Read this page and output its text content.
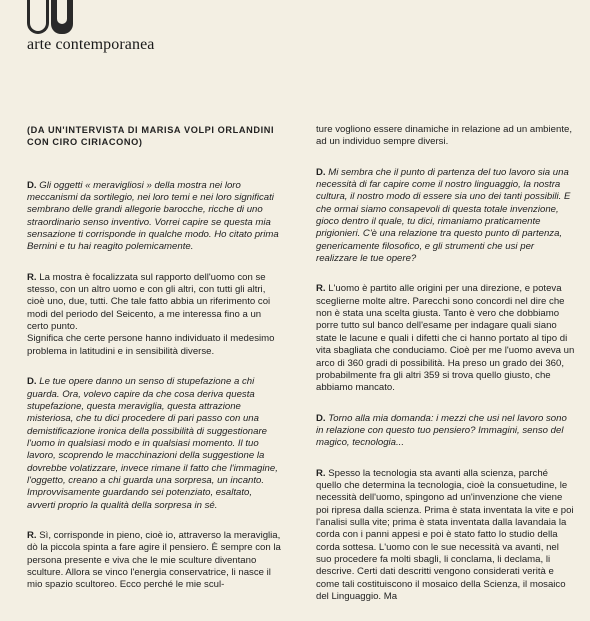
arte contemporanea

(DA UN'INTERVISTA DI MARISA VOLPI ORLANDINI CON CIRO CIRIACONO)

D. Gli oggetti « meravigliosi » della mostra nei loro meccanismi da sortilegio, nei loro temi e nei loro significati sembrano delle grandi allegorie barocche, ricche di uno straordinario senso inventivo. Vorrei capire se questa mia sensazione ti corrisponde in qualche modo. Ho citato prima Bernini e tu hai reagito polemicamente.

R. La mostra è focalizzata sul rapporto dell'uomo con se stesso, con un altro uomo e con gli altri, con tutti gli altri, cioè uno, due, tutti. Che tale fatto abbia un riferimento coi modi del periodo del Seicento, a me interessa fino a un certo punto.
Significa che certe persone hanno individuato il medesimo problema in latitudini e in sensibilità diverse.

D. Le tue opere danno un senso di stupefazione a chi guarda. Ora, volevo capire da che cosa deriva questa stupefazione, questa meraviglia, questa attrazione misteriosa, che tu dici procedere di pari passo con una demistificazione ironica della possibilità di suggestionare l'uomo in qualsiasi modo e in qualsiasi momento. Il tuo lavoro, scoprendo le macchinazioni della suggestione la dovrebbe volatizzare, invece rimane il fatto che l'immagine, l'oggetto, creano a chi guarda una sorpresa, un incanto. Improvvisamente guardando sei potenziato, esaltato, avverti proprio la qualità della sorpresa in sé.

R. Sì, corrisponde in pieno, cioè io, attraverso la meraviglia, dò la piccola spinta a fare agire il pensiero. È sempre con la persona presente e viva che le mie sculture diventano sculture. Allora se vinco l'energia conservatrice, li nasce il mio spazio scultoreo. Ecco perché le mie scul-

ture vogliono essere dinamiche in relazione ad un ambiente, ad un individuo sempre diversi.

D. Mi sembra che il punto di partenza del tuo lavoro sia una necessità di far capire come il nostro linguaggio, la nostra cultura, il nostro modo di essere sia uno dei tanti possibili. E che ormai siamo consapevoli di questa totale invenzione, gioco dentro il quale, tu dici, rimaniamo praticamente prigionieri. C'è una relazione tra questo punto di partenza, genericamente filosofico, e gli strumenti che usi per realizzare le tue opere?

R. L'uomo è partito alle origini per una direzione, e poteva sceglierne molte altre. Parecchi sono concordi nel dire che non è stata una scelta giusta. Tanto è vero che dobbiamo porre tutto sul banco dell'esame per indagare quali siano state le lacune e quali i difetti che ci hanno portato al tipo di vita sbagliata che conduciamo. Cioè per me l'uomo aveva un arco di 360 gradi di possibilità. Ha preso un grado dei 360, probabilmente fra gli altri 359 si trova quello giusto, che abbiamo mancato.

D. Torno alla mia domanda: i mezzi che usi nel lavoro sono in relazione con questo tuo pensiero? Immagini, senso del magico, tecnologia...

R. Spesso la tecnologia sta avanti alla scienza, parché quello che determina la tecnologia, cioè la consuetudine, le necessità dell'uomo, spingono ad un'invenzione che viene poi ripresa dalla scienza. Prima è stata inventata la vite e poi l'analisi sulla vite; prima è stata inventata dalla lavandaia la corda con i panni appesi e poi è stato fatto lo studio della corda sottesa. L'uomo con le sue necessità va avanti, nel suo procedere fa molti sbagli, li conclama, li declama, li descrive. Certi dati descritti vengono considerati verità e come tali costituiscono il mosaico della Scienza, il mosaico del Linguaggio. Ma
